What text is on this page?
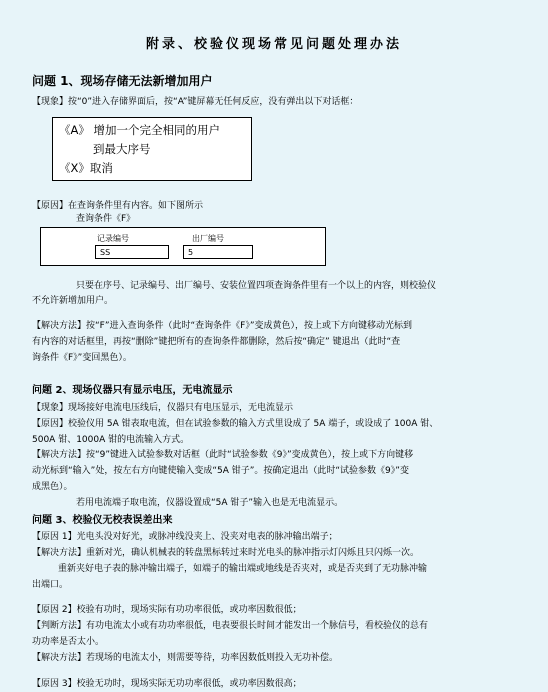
附录、校验仪现场常见问题处理办法
问题 1、现场存储无法新增加用户
【现象】按“0”进入存储界面后，按“A”键屏幕无任何反应，没有弹出以下对话框：
《A》 增加一个完全相同的用户
到最大序号
《X》取消
【原因】在查询条件里有内容。如下图所示
查询条件《F》
记录编号
SS
出厂编号
5
只要在序号、记录编号、出厂编号、安装位置四项查询条件里有一个以上的内容，则校验仪
不允许新增加用户。
【解决方法】按“F”进入查询条件（此时“查询条件《F》”变成黄色），按上或下方向键移动光标到
有内容的对话框里，再按“删除”键把所有的查询条件都删除，然后按“确定” 键退出（此时“查
询条件《F》”变回黑色）。
问题 2、现场仪器只有显示电压，无电流显示
【现象】现场接好电流电压线后，仪器只有电压显示，无电流显示
【原因】校验仪用 5A 钳表取电流，但在试验参数的输入方式里设成了 5A 端子，或设成了 100A 钳、
500A 钳、1000A 钳的电流输入方式。
【解决方法】按“9”键进入试验参数对话框（此时“试验参数《9》”变成黄色），按上或下方向键移
动光标到“输入”处，按左右方向键使输入变成“5A 钳子”。按确定退出（此时“试验参数《9》”变
成黑色）。
若用电流端子取电流，仪器设置成“5A 钳子”输入也是无电流显示。
问题 3、校验仪无校表误差出来
【原因 1】光电头没对好光，或脉冲线没夹上、没夹对电表的脉冲输出端子；
【解决方法】重新对光，确认机械表的转盘黑标转过来时光电头的脉冲指示灯闪烁且只闪烁一次。
重新夹好电子表的脉冲输出端子，如端子的输出端或地线是否夹对，或是否夹到了无功脉冲输
出端口。
【原因 2】校验有功时，现场实际有功功率很低，或功率因数很低；
【判断方法】有功电流太小或有功功率很低，电表要很长时间才能发出一个脉信号，看校验仪的总有
功功率是否太小。
【解决方法】若现场的电流太小，则需要等待，功率因数低则投入无功补偿。
【原因 3】校验无功时，现场实际无功功率很低，或功率因数很高；
